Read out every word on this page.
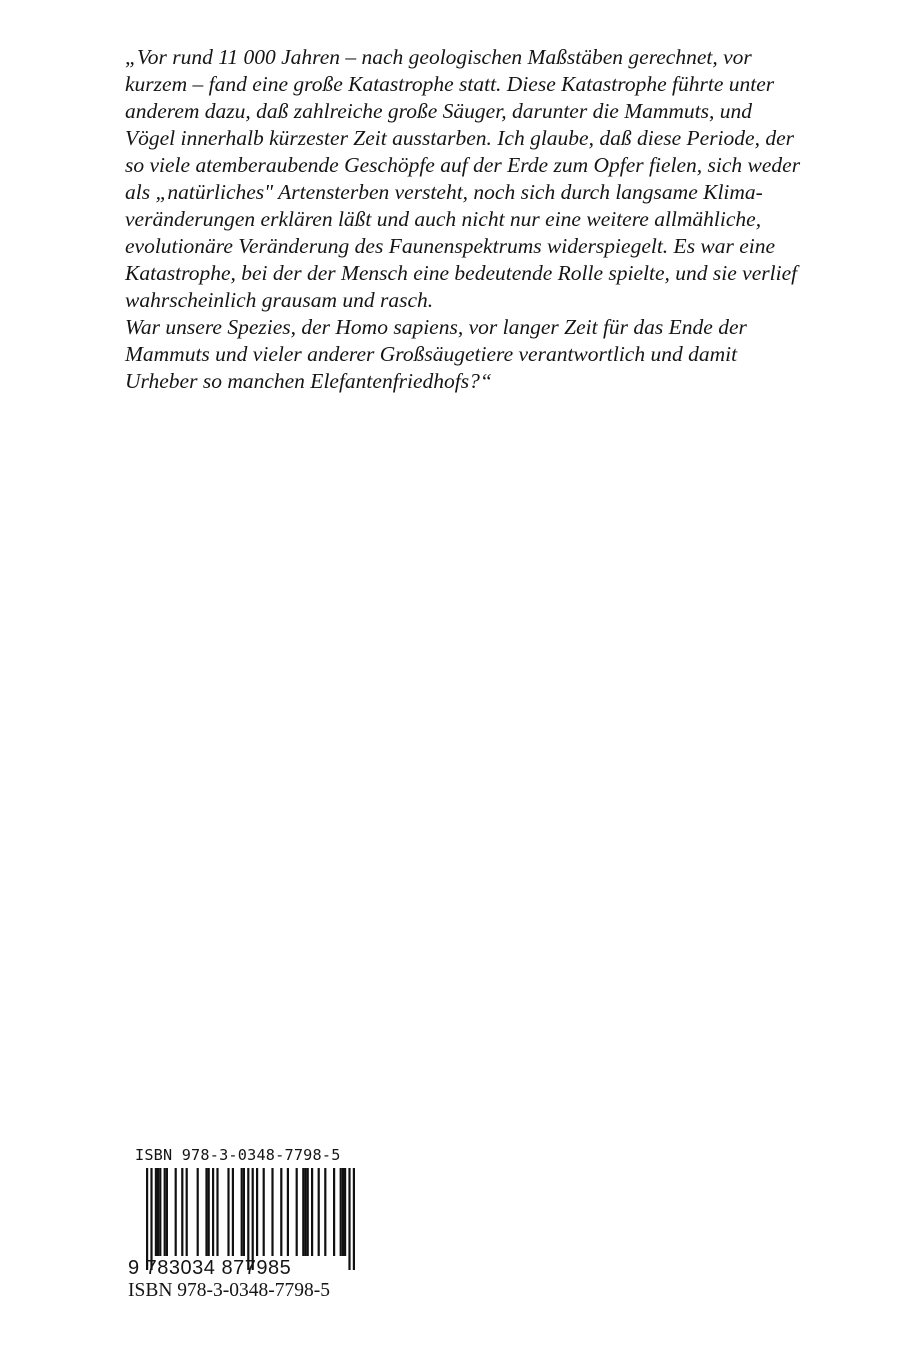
„Vor rund 11 000 Jahren – nach geologischen Maßstäben gerechnet, vor
kurzem – fand eine große Katastrophe statt. Diese Katastrophe führte unter
anderem dazu, daß zahlreiche große Säuger, darunter die Mammuts, und
Vögel innerhalb kürzester Zeit ausstarben. Ich glaube, daß diese Periode, der
so viele atemberaubende Geschöpfe auf der Erde zum Opfer fielen, sich weder
als „natürliches" Artensterben versteht, noch sich durch langsame Klima-
veränderungen erklären läßt und auch nicht nur eine weitere allmähliche,
evolutionäre Veränderung des Faunenspektrums widerspiegelt. Es war eine
Katastrophe, bei der der Mensch eine bedeutende Rolle spielte, und sie verlief
wahrscheinlich grausam und rasch.
War unsere Spezies, der Homo sapiens, vor langer Zeit für das Ende der
Mammuts und vieler anderer Großsäugetiere verantwortlich und damit
Urheber so manchen Elefantenfriedhofs?“
ISBN 978-3-0348-7798-5
9 783034 877985
ISBN 978-3-0348-7798-5
